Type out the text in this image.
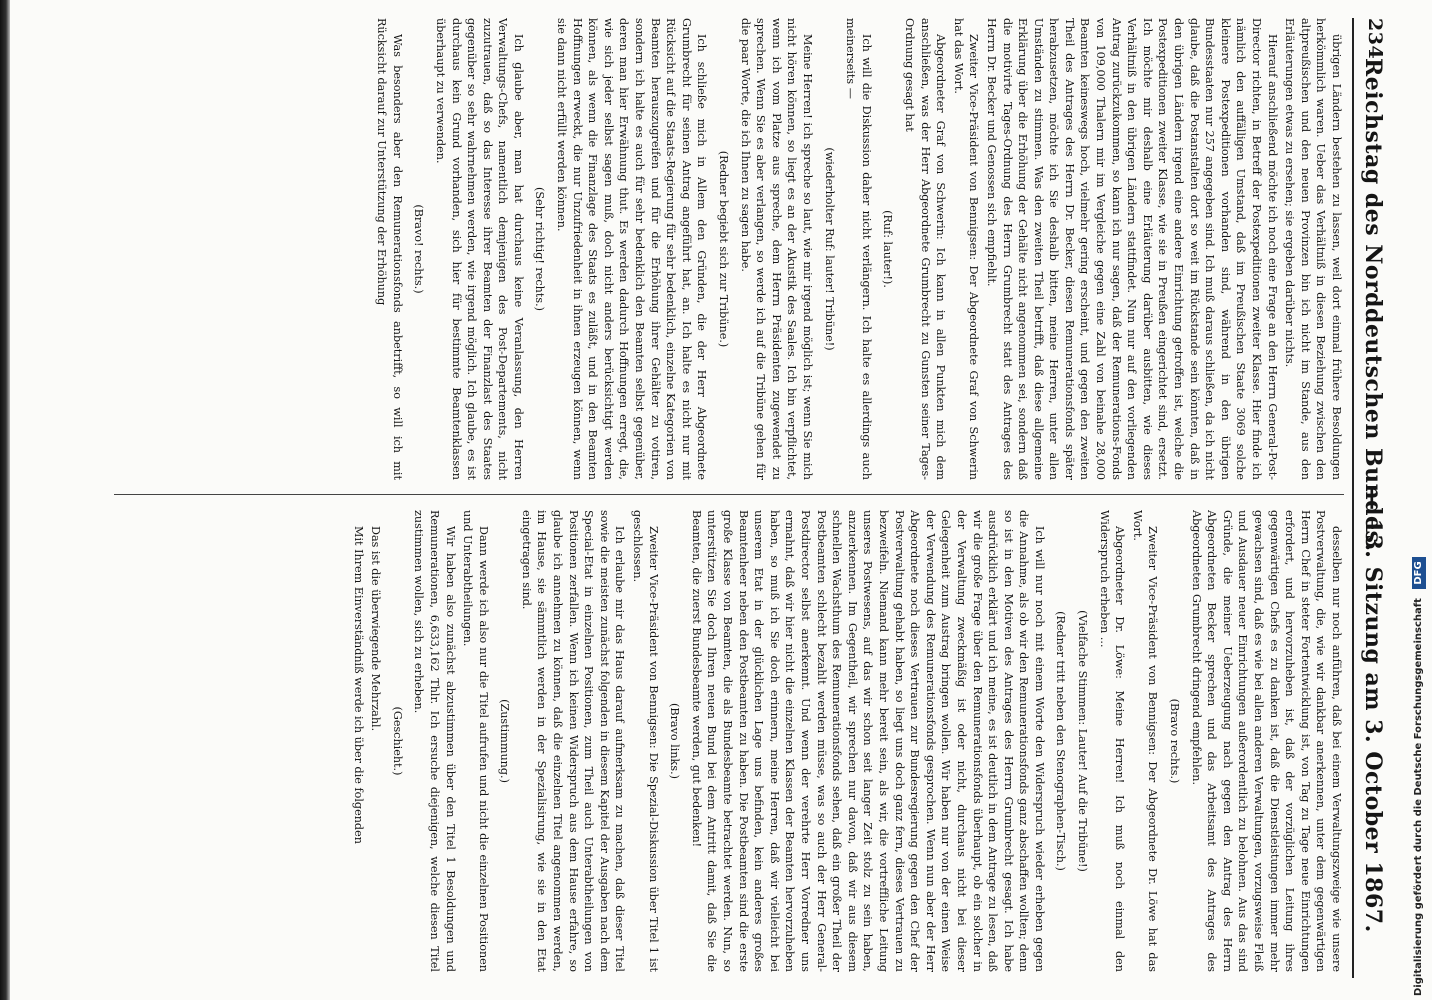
234
Reichstag des Norddeutschen Bundes.
— 13. Sitzung am 3. October 1867.

übrigen Ländern bestehen zu lassen, weil dort einmal frühere Besoldungen herkömmlich waren. Ueber das Verhältniß in diesen Beziehung zwischen den altpreußischen und den neuen Provinzen bin ich nicht im Stande, aus den Erläuterungen etwas zu ersehen; sie ergeben darüber nichts.

Hierauf anschließend möchte ich noch eine Frage an den Herrn General-Post-Director richten, in Betreff der Postexpeditionen zweiter Klasse. Hier finde ich nämlich den auffälligen Umstand, daß im Preußischen Staate 3069 solche kleinere Postexpeditionen vorhanden sind, während in den übrigen Bundesstaaten nur 257 angegeben sind. Ich muß daraus schließen, da ich nicht glaube, daß die Postanstalten dort so weit im Rückstande sein könnten, daß in den übrigen Ländern irgend eine andere Einrichtung getroffen ist, welche die Postexpeditionen zweiter Klasse, wie sie in Preußen eingerichtet sind, ersetzt. Ich möchte mir deshalb eine Erläuterung darüber ausbitten, wie dieses Verhältniß in den übrigen Ländern stattfindet. Nun nur auf den vorliegenden Antrag zurückzukommen, so kann ich nur sagen, daß der Remunerations-Fonds von 109,000 Thalern mir im Vergleiche gegen eine Zahl von beinahe 28,000 Beamten keineswegs hoch, vielmehr gering erscheint, und gegen den zweiten Theil des Antrages des Herrn Dr. Becker, diesen Remunerationsfonds später herabzusetzen, möchte ich Sie deshalb bitten, meine Herren, unter allen Umständen zu stimmen. Was den zweiten Theil betrifft, daß diese allgemeine Erklärung über die Erhöhung der Gehälte nicht angenommen sei, sondern daß die motivirte Tages-Ordnung des Herrn Grumbrecht statt des Antrages des Herrn Dr. Becker und Genossen sich empfiehlt.

Zweiter Vice-Präsident von Bennigsen: Der Abgeordnete Graf von Schwerin hat das Wort.

Abgeordneter Graf von Schwerin: Ich kann in allen Punkten mich dem anschließen, was der Herr Abgeordnete Grumbrecht zu Gunsten seiner Tages-Ordnung gesagt hat

(Ruf: lauter!).

Ich will die Diskussion daher nicht verlängern. Ich halte es allerdings auch meinerseits —

(wiederholter Ruf: lauter! Tribüne!)

Meine Herren! ich spreche so laut, wie mir irgend möglich ist; wenn Sie mich nicht hören können, so liegt es an der Akustik des Saales. Ich bin verpflichtet, wenn ich vom Platze aus spreche, dem Herrn Präsidenten zugewendet zu sprechen. Wenn Sie es aber verlangen, so werde ich auf die Tribüne gehen für die paar Worte, die ich Ihnen zu sagen habe.

(Redner begiebt sich zur Tribüne.)

Ich schließe mich in Allem den Gründen, die der Herr Abgeordnete Grumbrecht für seinen Antrag angeführt hat, an. Ich halte es nicht nur mit Rücksicht auf die Staats-Regierung für sehr bedenklich, einzelne Kategorien von Beamten herauszugreifen und für die Erhöhung ihrer Gehälter zu votiren, sondern ich halte es auch für sehr bedenklich den Beamten selbst gegenüber, deren man hier Erwähnung thut. Es werden dadurch Hoffnungen erregt, die, wie sich jeder selbst sagen muß, doch nicht anders berücksichtigt werden können, als wenn die Finanzlage des Staats es zuläßt, und in den Beamten Hoffnungen erweckt, die nur Unzufriedenheit in ihnen erzeugen können, wenn sie dann nicht erfüllt werden können.

(Sehr richtig! rechts.)

Ich glaube aber, man hat durchaus keine Veranlassung, den Herren Verwaltungs-Chefs, namentlich demjenigen des Post-Departements, nicht zuzutrauen, daß so das Interesse ihrer Beamten der Finanzlast des Staates gegenüber so sehr wahrnehmen werden, wie irgend möglich. Ich glaube, es ist durchaus kein Grund vorhanden, sich hier für bestimmte Beamtenklassen überhaupt zu verwenden.

(Bravo! rechts.)

Was besonders aber den Remunerationsfonds anbetrifft, so will ich mit Rücksicht darauf zur Unterstützung der Erhöhung

desselben nur noch anführen, daß bei einem Verwaltungszweige wie unsere Postverwaltung, die, wie wir dankbar anerkennen, unter dem gegenwärtigen Herrn Chef in steter Fortentwicklung ist, von Tag zu Tage neue Einrichtungen erfordert, und hervorzuheben ist, daß der vorzüglichen Leitung ihres gegenwärtigen Chefs es zu danken ist, daß die Dienstleistungen immer mehr gewachsen sind, daß es wie bei allen anderen Verwaltungen, vorzugsweise Fleiß und Ausdauer neuer Einrichtungen außerordentlich zu belohnen. Aus das sind Gründe, die meiner Ueberzeugung nach gegen den Antrag des Herrn Abgeordneten Becker sprechen und das Arbeitsamt des Antrages des Abgeordneten Grumbrecht dringend empfehlen.

(Bravo rechts.)

Zweiter Vice-Präsident von Bennigsen: Der Abgeordnete Dr. Löwe hat das Wort.

Abgeordneter Dr. Löwe: Meine Herren! Ich muß noch einmal den Widerspruch erheben ...

(Vielfache Stimmen: Lauter! Auf die Tribüne!)

(Redner tritt neben den Stenographen-Tisch.)

Ich will nur noch mit einem Worte den Widerspruch wieder erheben gegen die Annahme, als ob wir den Remunerationsfonds ganz abschaffen wollten; denn so ist in den Motiven des Antrages des Herrn Grumbrecht gesagt. Ich habe ausdrücklich erklärt und ich meine, es ist deutlich in dem Antrage zu lesen, daß wir die große Frage über den Remunerationsfonds überhaupt, ob ein solcher in der Verwaltung zweckmäßig ist oder nicht, durchaus nicht bei dieser Gelegenheit zum Austrag bringen wollen. Wir haben nur von der einen Weise der Verwendung des Remunerationsfonds gesprochen. Wenn nun aber der Herr Abgeordnete noch dieses Vertrauen zur Bundesregierung gegen den Chef der Postverwaltung gehabt haben, so liegt uns doch ganz fern, dieses Vertrauen zu bezweifeln. Niemand kann mehr bereit sein, als wir, die vortreffliche Leitung unseres Postwesens, auf das wir schon seit langer Zeit stolz zu sein haben, anzuerkennen. Im Gegentheil, wir sprechen nur davon, daß wir aus diesem schnellen Wachsthum des Remunerationsfonds sehen, daß ein großer Theil der Postbeamten schlecht bezahlt werden müsse, was so auch der Herr General-Postdirector selbst anerkennt. Und wenn der verehrte Herr Vorredner uns ermahnt, daß wir hier nicht die einzelnen Klassen der Beamten hervorzuheben haben, so muß ich Sie doch erinnern, meine Herren, daß wir vielleicht bei unserem Etat in der glücklichen Lage uns befinden, kein anderes großes Beamtenheer neben den Postbeamten zu haben. Die Postbeamten sind die erste große Klasse von Beamten, die als Bundesbeamte betrachtet werden. Nun, so unterstützen Sie doch Ihren neuen Bund bei dem Antritt damit, daß Sie die Beamten, die zuerst Bundesbeamte werden, gut bedenken!

(Bravo links.)

Zweiter Vice-Präsident von Bennigsen: Die Spezial-Diskussion über Titel 1 ist geschlossen.

Ich erlaube mir das Haus darauf aufmerksam zu machen, daß dieser Titel sowie die meisten zunächst folgenden in diesem Kapitel der Ausgaben nach dem Special-Etat in einzelnen Positionen, zum Theil auch Unterabtheilungen von Positionen zerfallen. Wenn ich keinen Widerspruch aus dem Hause erfahre, so glaube ich annehmen zu können, daß die einzelnen Titel angenommen werden, im Hause, sie sämmtlich werden in der Spezialisirung, wie sie in den Etat eingetragen sind.

(Zustimmung.)

Dann werde ich also nur die Titel aufrufen und nicht die einzelnen Positionen und Unterabtheilungen.

Wir haben also zunächst abzustimmen über den Titel 1 Besoldungen und Remunerationen, 6,633,162 Thlr. Ich ersuche diejenigen, welche diesen Titel zustimmen wollen, sich zu erheben.

(Geschieht.)

Das ist die überwiegende Mehrzahl.

Mit Ihrem Einverständniß werde ich über die folgenden	Digitalisierung gefördert durch die Deutsche Forschungsgemeinschaft DFG
